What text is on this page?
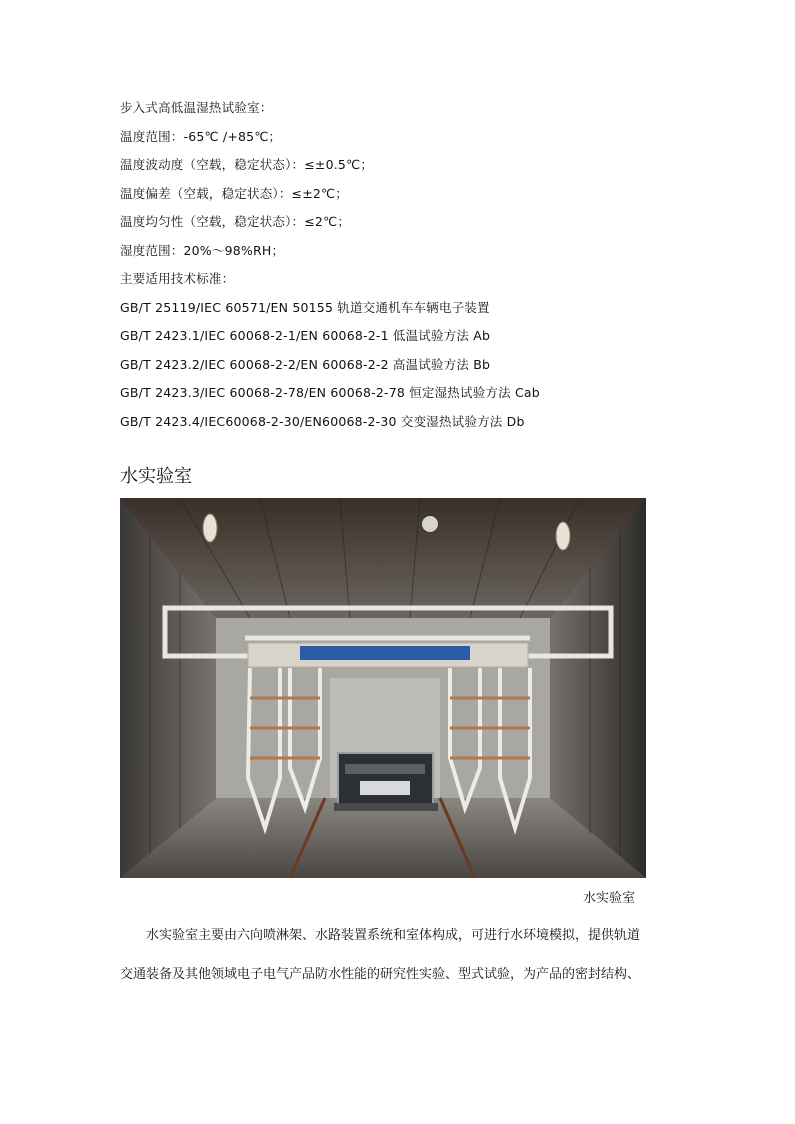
步入式高低温湿热试验室：
温度范围：-65℃ /+85℃；
温度波动度（空载，稳定状态）：≤±0.5℃；
温度偏差（空载，稳定状态）：≤±2℃；
温度均匀性（空载，稳定状态）：≤2℃；
湿度范围：20%～98%RH；
主要适用技术标准：
GB/T 25119/IEC 60571/EN 50155 轨道交通机车车辆电子装置
GB/T 2423.1/IEC 60068-2-1/EN 60068-2-1 低温试验方法 Ab
GB/T 2423.2/IEC 60068-2-2/EN 60068-2-2 高温试验方法 Bb
GB/T 2423.3/IEC 60068-2-78/EN 60068-2-78 恒定湿热试验方法 Cab
GB/T 2423.4/IEC60068-2-30/EN60068-2-30 交变湿热试验方法 Db
水实验室
水实验室
水实验室主要由六向喷淋架、水路装置系统和室体构成，可进行水环境模拟，提供轨道
交通装备及其他领域电子电气产品防水性能的研究性实验、型式试验，为产品的密封结构、
